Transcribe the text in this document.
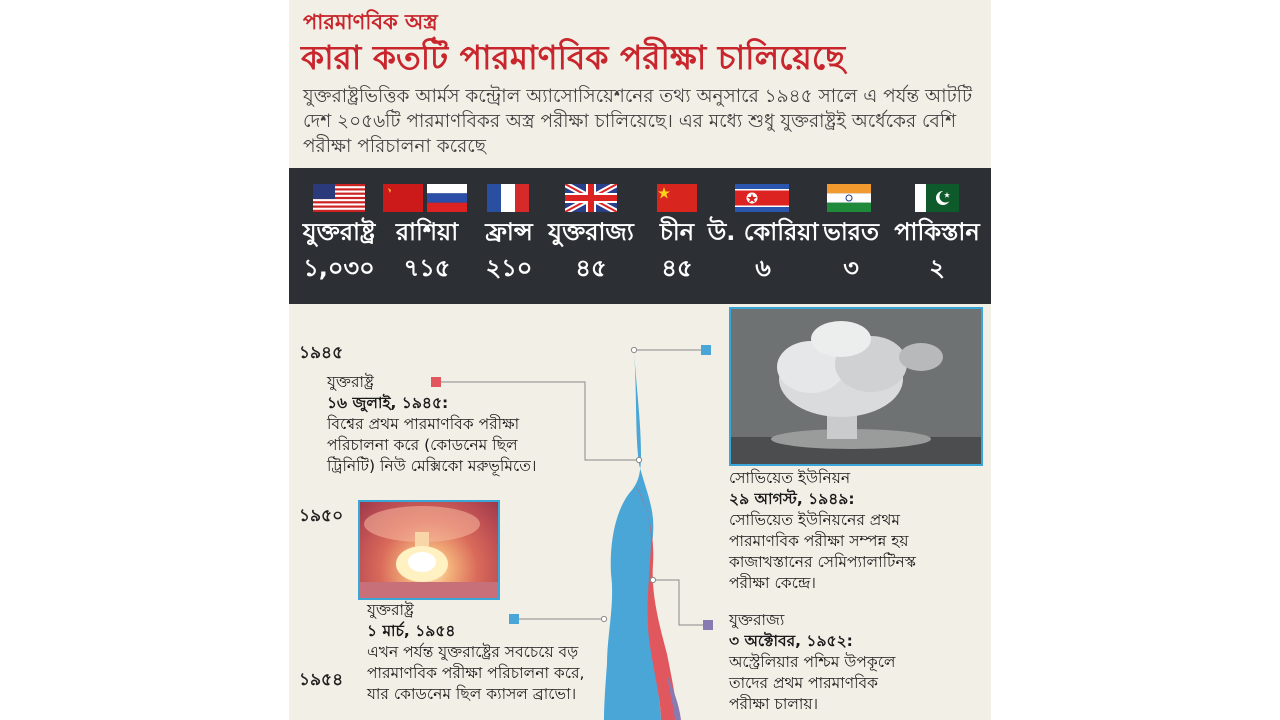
পারমাণবিক অস্ত্র
কারা কতটি পারমাণবিক পরীক্ষা চালিয়েছে
যুক্তরাষ্ট্রভিত্তিক আর্মস কন্ট্রোল অ্যাসোসিয়েশনের তথ্য অনুসারে ১৯৪৫ সালে এ পর্যন্ত আটটি দেশ ২০৫৬টি পারমাণবিকর অস্ত্র পরীক্ষা চালিয়েছে। এর মধ্যে শুধু যুক্তরাষ্ট্রই অর্ধেকের বেশি পরীক্ষা পরিচালনা করেছে
যুক্তরাষ্ট্র
১,০৩০
রাশিয়া
৭১৫
ফ্রান্স
২১০
যুক্তরাজ্য
৪৫
চীন
৪৫
উ. কোরিয়া
৬
ভারত
৩
পাকিস্তান
২
১৯৪৫
১৯৫০
১৯৫৪
যুক্তরাষ্ট্র
১৬ জুলাই, ১৯৪৫:
বিশ্বের প্রথম পারমাণবিক পরীক্ষা
পরিচালনা করে (কোডনেম ছিল
ট্রিনিটি) নিউ মেক্সিকো মরুভূমিতে।
সোভিয়েত ইউনিয়ন
২৯ আগস্ট, ১৯৪৯:
সোভিয়েত ইউনিয়নের প্রথম
পারমাণবিক পরীক্ষা সম্পন্ন হয়
কাজাখস্তানের সেমিপ্যালাটিনস্ক
পরীক্ষা কেন্দ্রে।
যুক্তরাষ্ট্র
১ মার্চ, ১৯৫৪
এখন পর্যন্ত যুক্তরাষ্ট্রের সবচেয়ে বড়
পারমাণবিক পরীক্ষা পরিচালনা করে,
যার কোডনেম ছিল ক্যাসল ব্রাভো।
যুক্তরাজ্য
৩ অক্টোবর, ১৯৫২:
অস্ট্রেলিয়ার পশ্চিম উপকূলে
তাদের প্রথম পারমাণবিক
পরীক্ষা চালায়।
